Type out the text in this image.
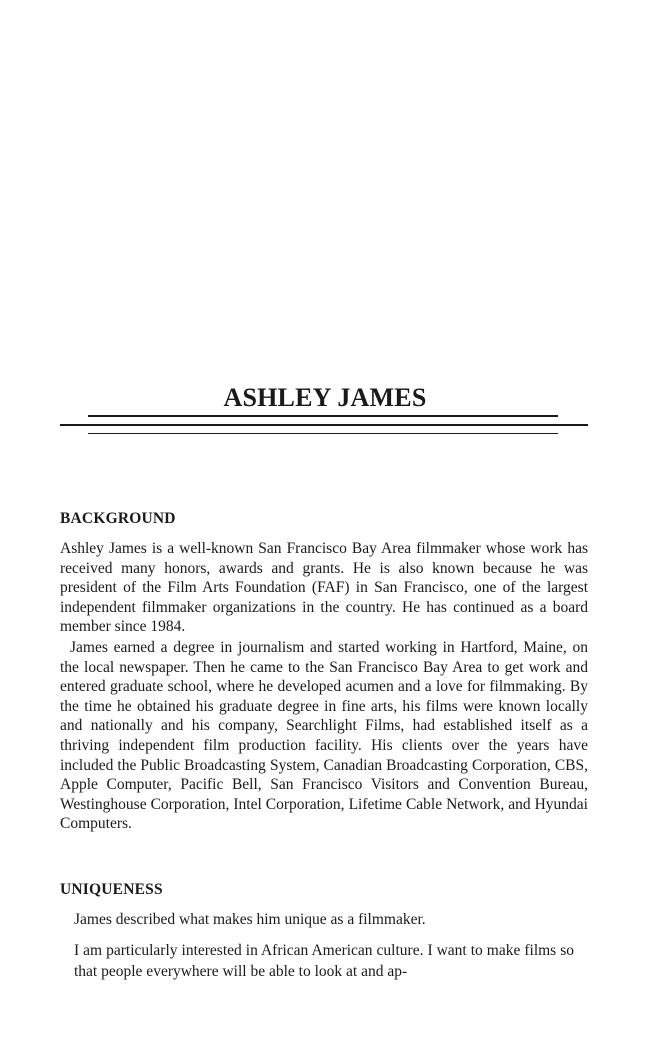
ASHLEY JAMES
BACKGROUND

Ashley James is a well-known San Francisco Bay Area filmmaker whose work has received many honors, awards and grants. He is also known because he was president of the Film Arts Foundation (FAF) in San Francisco, one of the largest independent filmmaker organizations in the country. He has continued as a board member since 1984.

James earned a degree in journalism and started working in Hartford, Maine, on the local newspaper. Then he came to the San Francisco Bay Area to get work and entered graduate school, where he developed acumen and a love for filmmaking. By the time he obtained his graduate degree in fine arts, his films were known locally and nationally and his company, Searchlight Films, had established itself as a thriving independent film production facility. His clients over the years have included the Public Broadcasting System, Canadian Broadcasting Corporation, CBS, Apple Computer, Pacific Bell, San Francisco Visitors and Convention Bureau, Westinghouse Corporation, Intel Corporation, Lifetime Cable Network, and Hyundai Computers.

UNIQUENESS

James described what makes him unique as a filmmaker.

I am particularly interested in African American culture. I want to make films so that people everywhere will be able to look at and ap-
